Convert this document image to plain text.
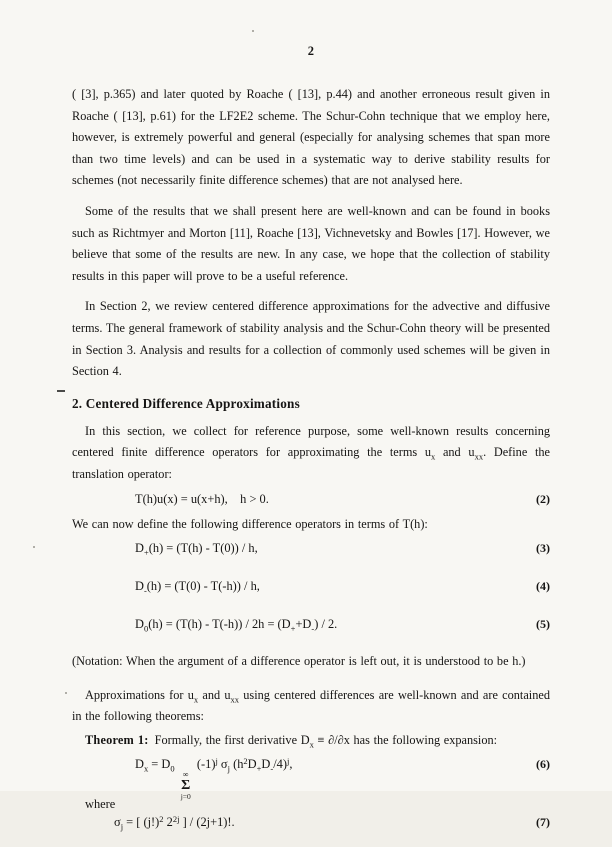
2

( [3], p.365) and later quoted by Roache ( [13], p.44) and another erroneous result given in Roache ( [13], p.61) for the LF2E2 scheme. The Schur-Cohn technique that we employ here, however, is extremely powerful and general (especially for analysing schemes that span more than two time levels) and can be used in a systematic way to derive stability results for schemes (not necessarily finite difference schemes) that are not analysed here.

Some of the results that we shall present here are well-known and can be found in books such as Richtmyer and Morton [11], Roache [13], Vichnevetsky and Bowles [17]. However, we believe that some of the results are new. In any case, we hope that the collection of stability results in this paper will prove to be a useful reference.

In Section 2, we review centered difference approximations for the advective and diffusive terms. The general framework of stability analysis and the Schur-Cohn theory will be presented in Section 3. Analysis and results for a collection of commonly used schemes will be given in Section 4.

2. Centered Difference Approximations

In this section, we collect for reference purpose, some well-known results concerning centered finite difference operators for approximating the terms $u_x$ and $u_{xx}$. Define the translation operator:

T(h)u(x) = u(x+h), h > 0.	(2)

We can now define the following difference operators in terms of T(h):

$D_+(h) = (T(h) - T(0)) / h$,	(3)
$D_-(h) = (T(0) - T(-h)) / h$,	(4)
$D_0(h) = (T(h) - T(-h)) / 2h = (D_++D_-) / 2$.	(5)

(Notation: When the argument of a difference operator is left out, it is understood to be h.)

Approximations for $u_x$ and $u_{xx}$ using centered differences are well-known and are contained in the following theorems:

Theorem 1: Formally, the first derivative $D_x \equiv \partial/\partial x$ has the following expansion:

$D_x = D_0$
∞
Σ
j=0
$(-1)^j$ $\sigma_j$ $(h^2D_+D_-/4)^j$,	(6)
where
$\sigma_j$ = [ $(j!)^2$ $2^{2j}$ ] / (2j+1)!.	(7)
